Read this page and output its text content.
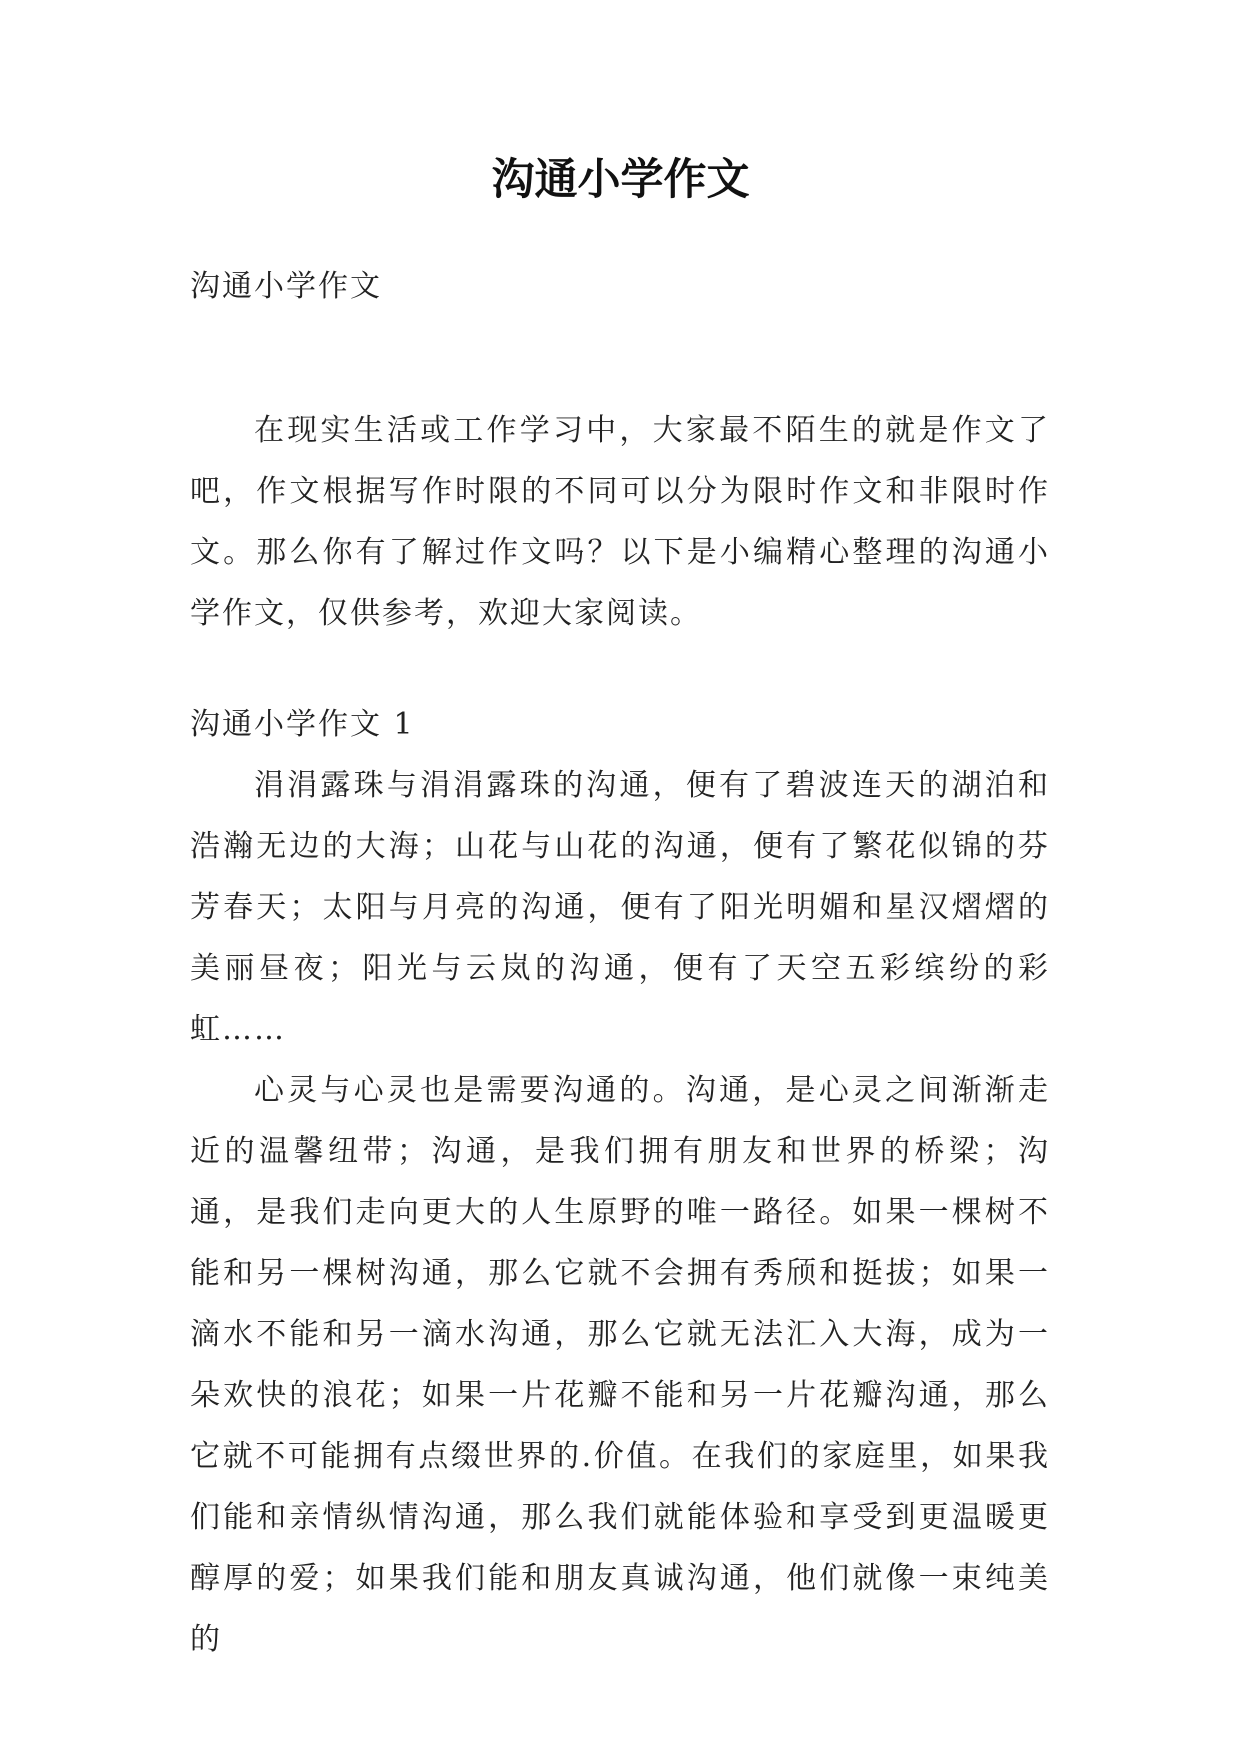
沟通小学作文
沟通小学作文

在现实生活或工作学习中，大家最不陌生的就是作文了吧，作文根据写作时限的不同可以分为限时作文和非限时作文。那么你有了解过作文吗？以下是小编精心整理的沟通小学作文，仅供参考，欢迎大家阅读。

沟通小学作文 1

涓涓露珠与涓涓露珠的沟通，便有了碧波连天的湖泊和浩瀚无边的大海；山花与山花的沟通，便有了繁花似锦的芬芳春天；太阳与月亮的沟通，便有了阳光明媚和星汉熠熠的美丽昼夜；阳光与云岚的沟通，便有了天空五彩缤纷的彩虹……

心灵与心灵也是需要沟通的。沟通，是心灵之间渐渐走近的温馨纽带；沟通，是我们拥有朋友和世界的桥梁；沟通，是我们走向更大的人生原野的唯一路径。如果一棵树不能和另一棵树沟通，那么它就不会拥有秀颀和挺拔；如果一滴水不能和另一滴水沟通，那么它就无法汇入大海，成为一朵欢快的浪花；如果一片花瓣不能和另一片花瓣沟通，那么它就不可能拥有点缀世界的.价值。在我们的家庭里，如果我们能和亲情纵情沟通，那么我们就能体验和享受到更温暖更醇厚的爱；如果我们能和朋友真诚沟通，他们就像一束纯美的
